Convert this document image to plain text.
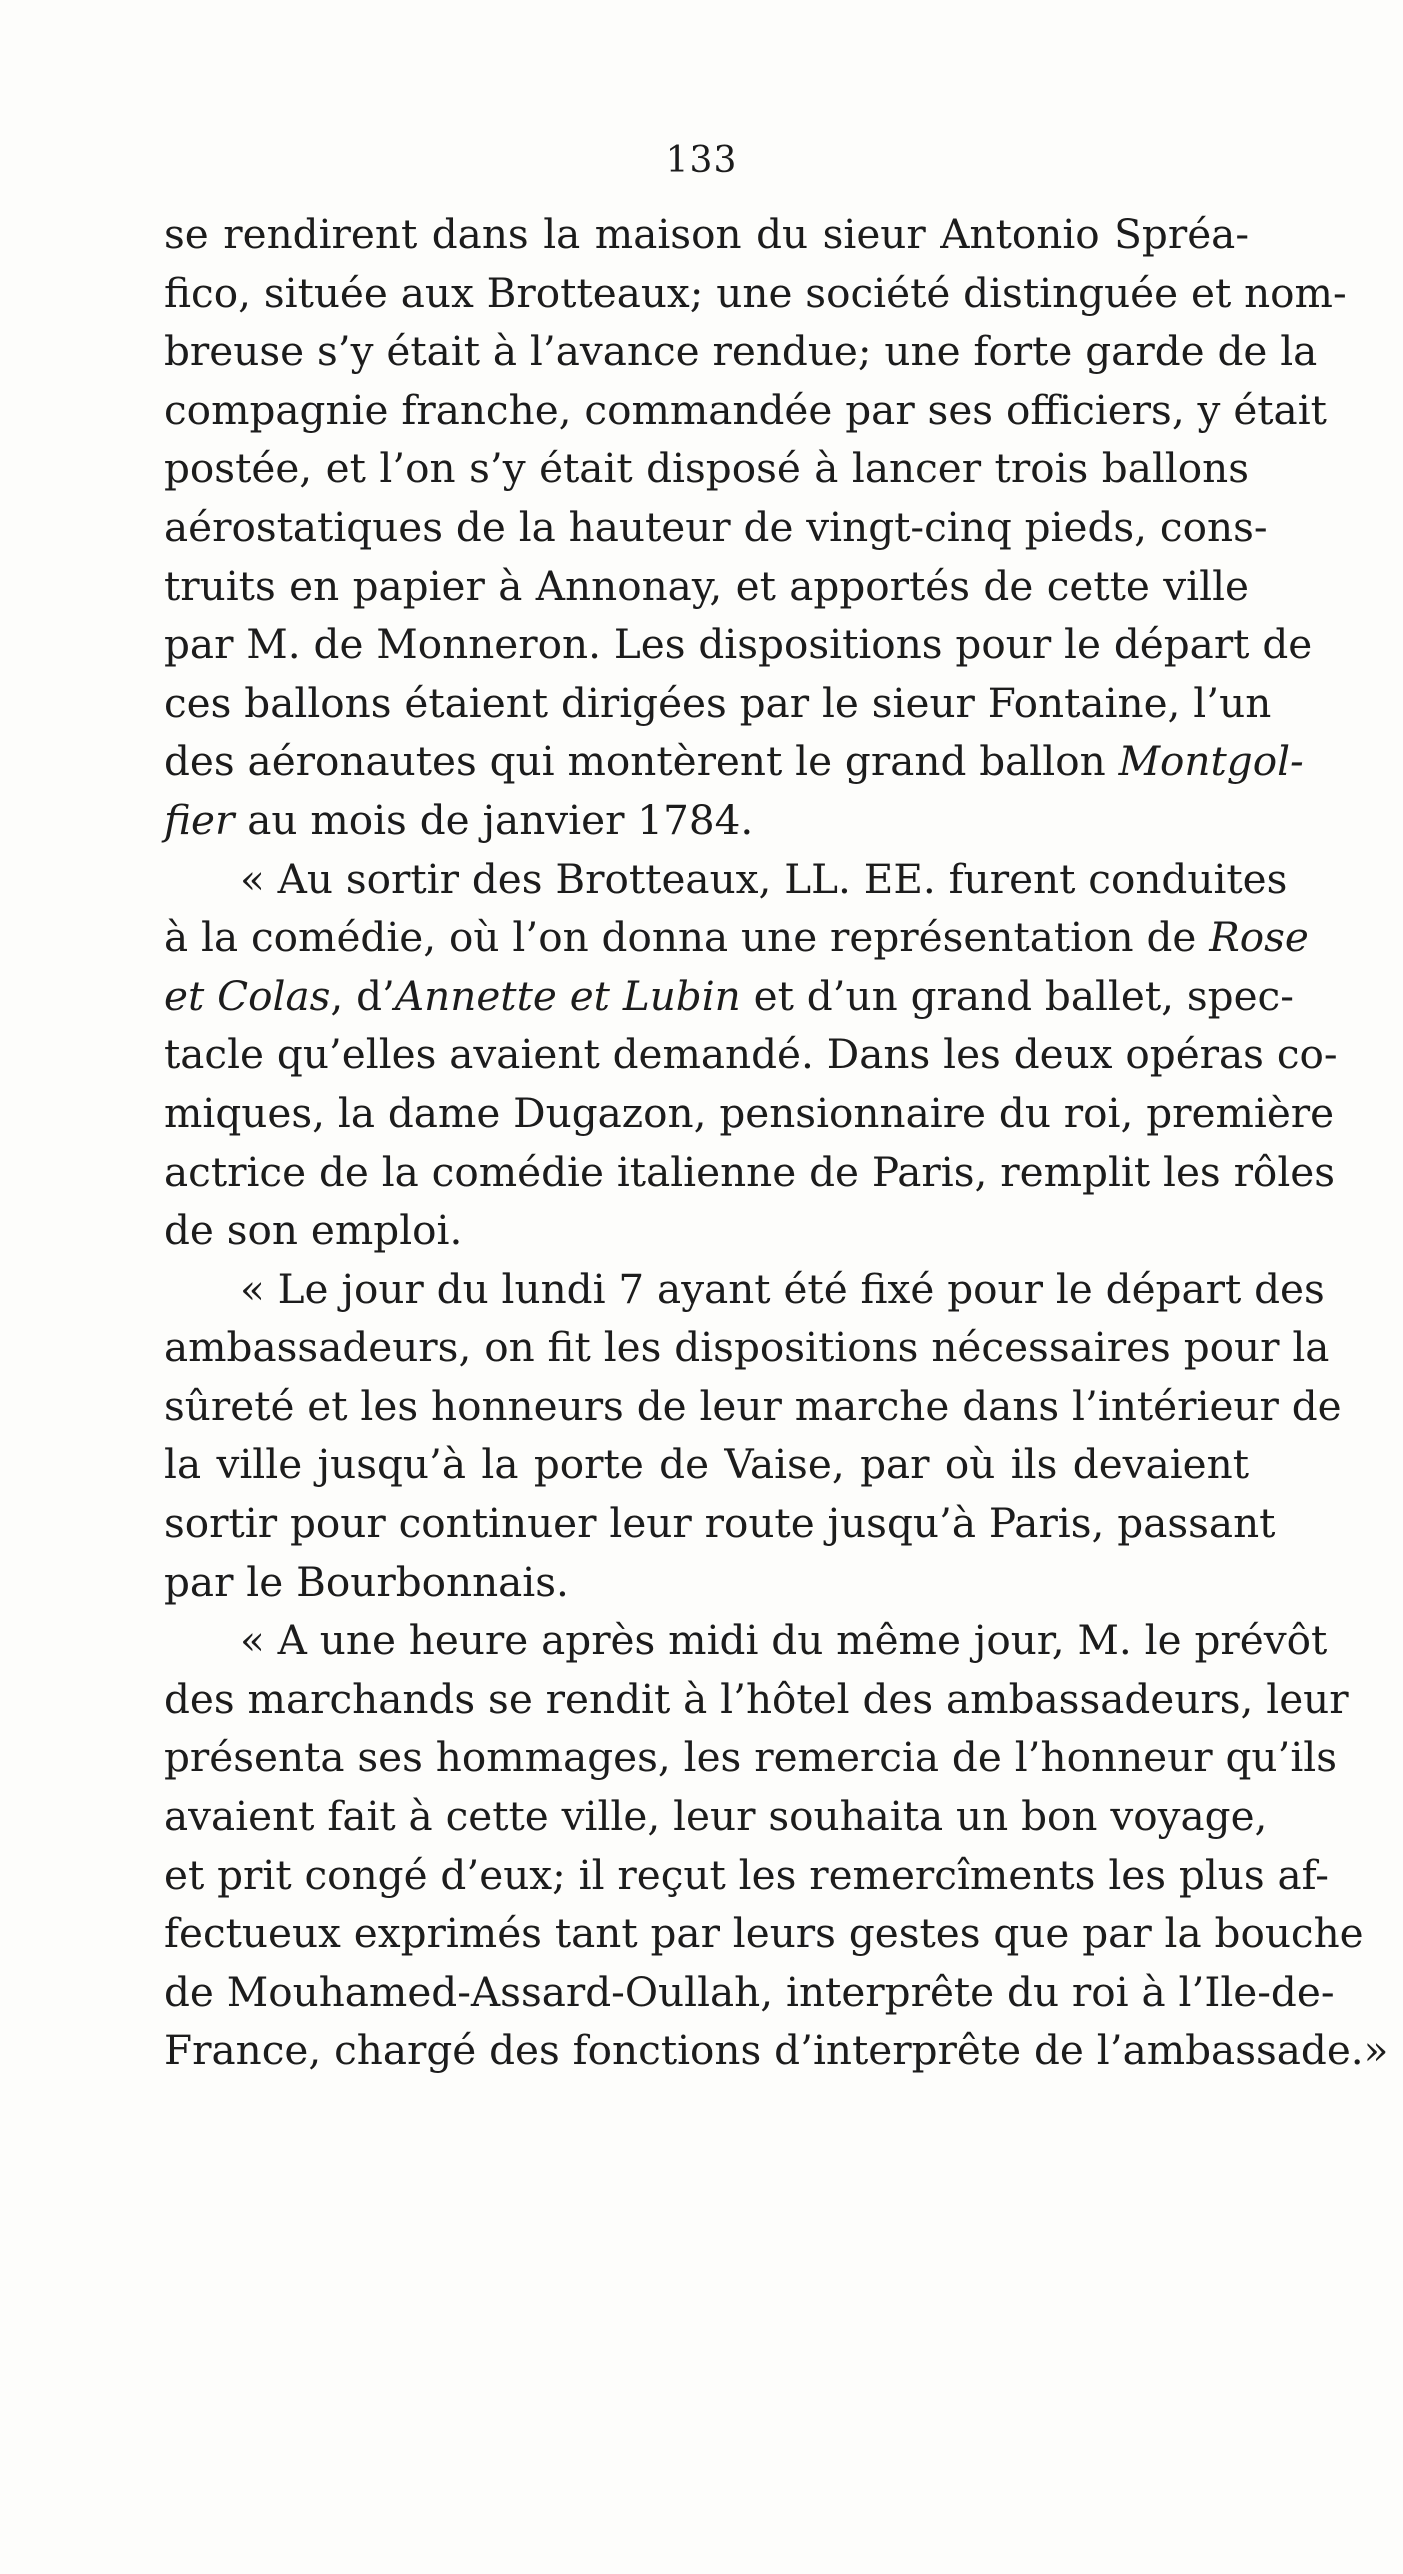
133
se rendirent dans la maison du sieur Antonio Spréa-
fico, située aux Brotteaux; une société distinguée et nom-
breuse s’y était à l’avance rendue; une forte garde de la
compagnie franche, commandée par ses officiers, y était
postée, et l’on s’y était disposé à lancer trois ballons
aérostatiques de la hauteur de vingt-cinq pieds, cons-
truits en papier à Annonay, et apportés de cette ville
par M. de Monneron. Les dispositions pour le départ de
ces ballons étaient dirigées par le sieur Fontaine, l’un
des aéronautes qui montèrent le grand ballon Montgol-
fier au mois de janvier 1784.
« Au sortir des Brotteaux, LL. EE. furent conduites
à la comédie, où l’on donna une représentation de Rose
et Colas, d’Annette et Lubin et d’un grand ballet, spec-
tacle qu’elles avaient demandé. Dans les deux opéras co-
miques, la dame Dugazon, pensionnaire du roi, première
actrice de la comédie italienne de Paris, remplit les rôles
de son emploi.
« Le jour du lundi 7 ayant été fixé pour le départ des
ambassadeurs, on fit les dispositions nécessaires pour la
sûreté et les honneurs de leur marche dans l’intérieur de
la ville jusqu’à la porte de Vaise, par où ils devaient
sortir pour continuer leur route jusqu’à Paris, passant
par le Bourbonnais.
« A une heure après midi du même jour, M. le prévôt
des marchands se rendit à l’hôtel des ambassadeurs, leur
présenta ses hommages, les remercia de l’honneur qu’ils
avaient fait à cette ville, leur souhaita un bon voyage,
et prit congé d’eux; il reçut les remercîments les plus af-
fectueux exprimés tant par leurs gestes que par la bouche
de Mouhamed-Assard-Oullah, interprête du roi à l’Ile-de-
France, chargé des fonctions d’interprête de l’ambassade.»
